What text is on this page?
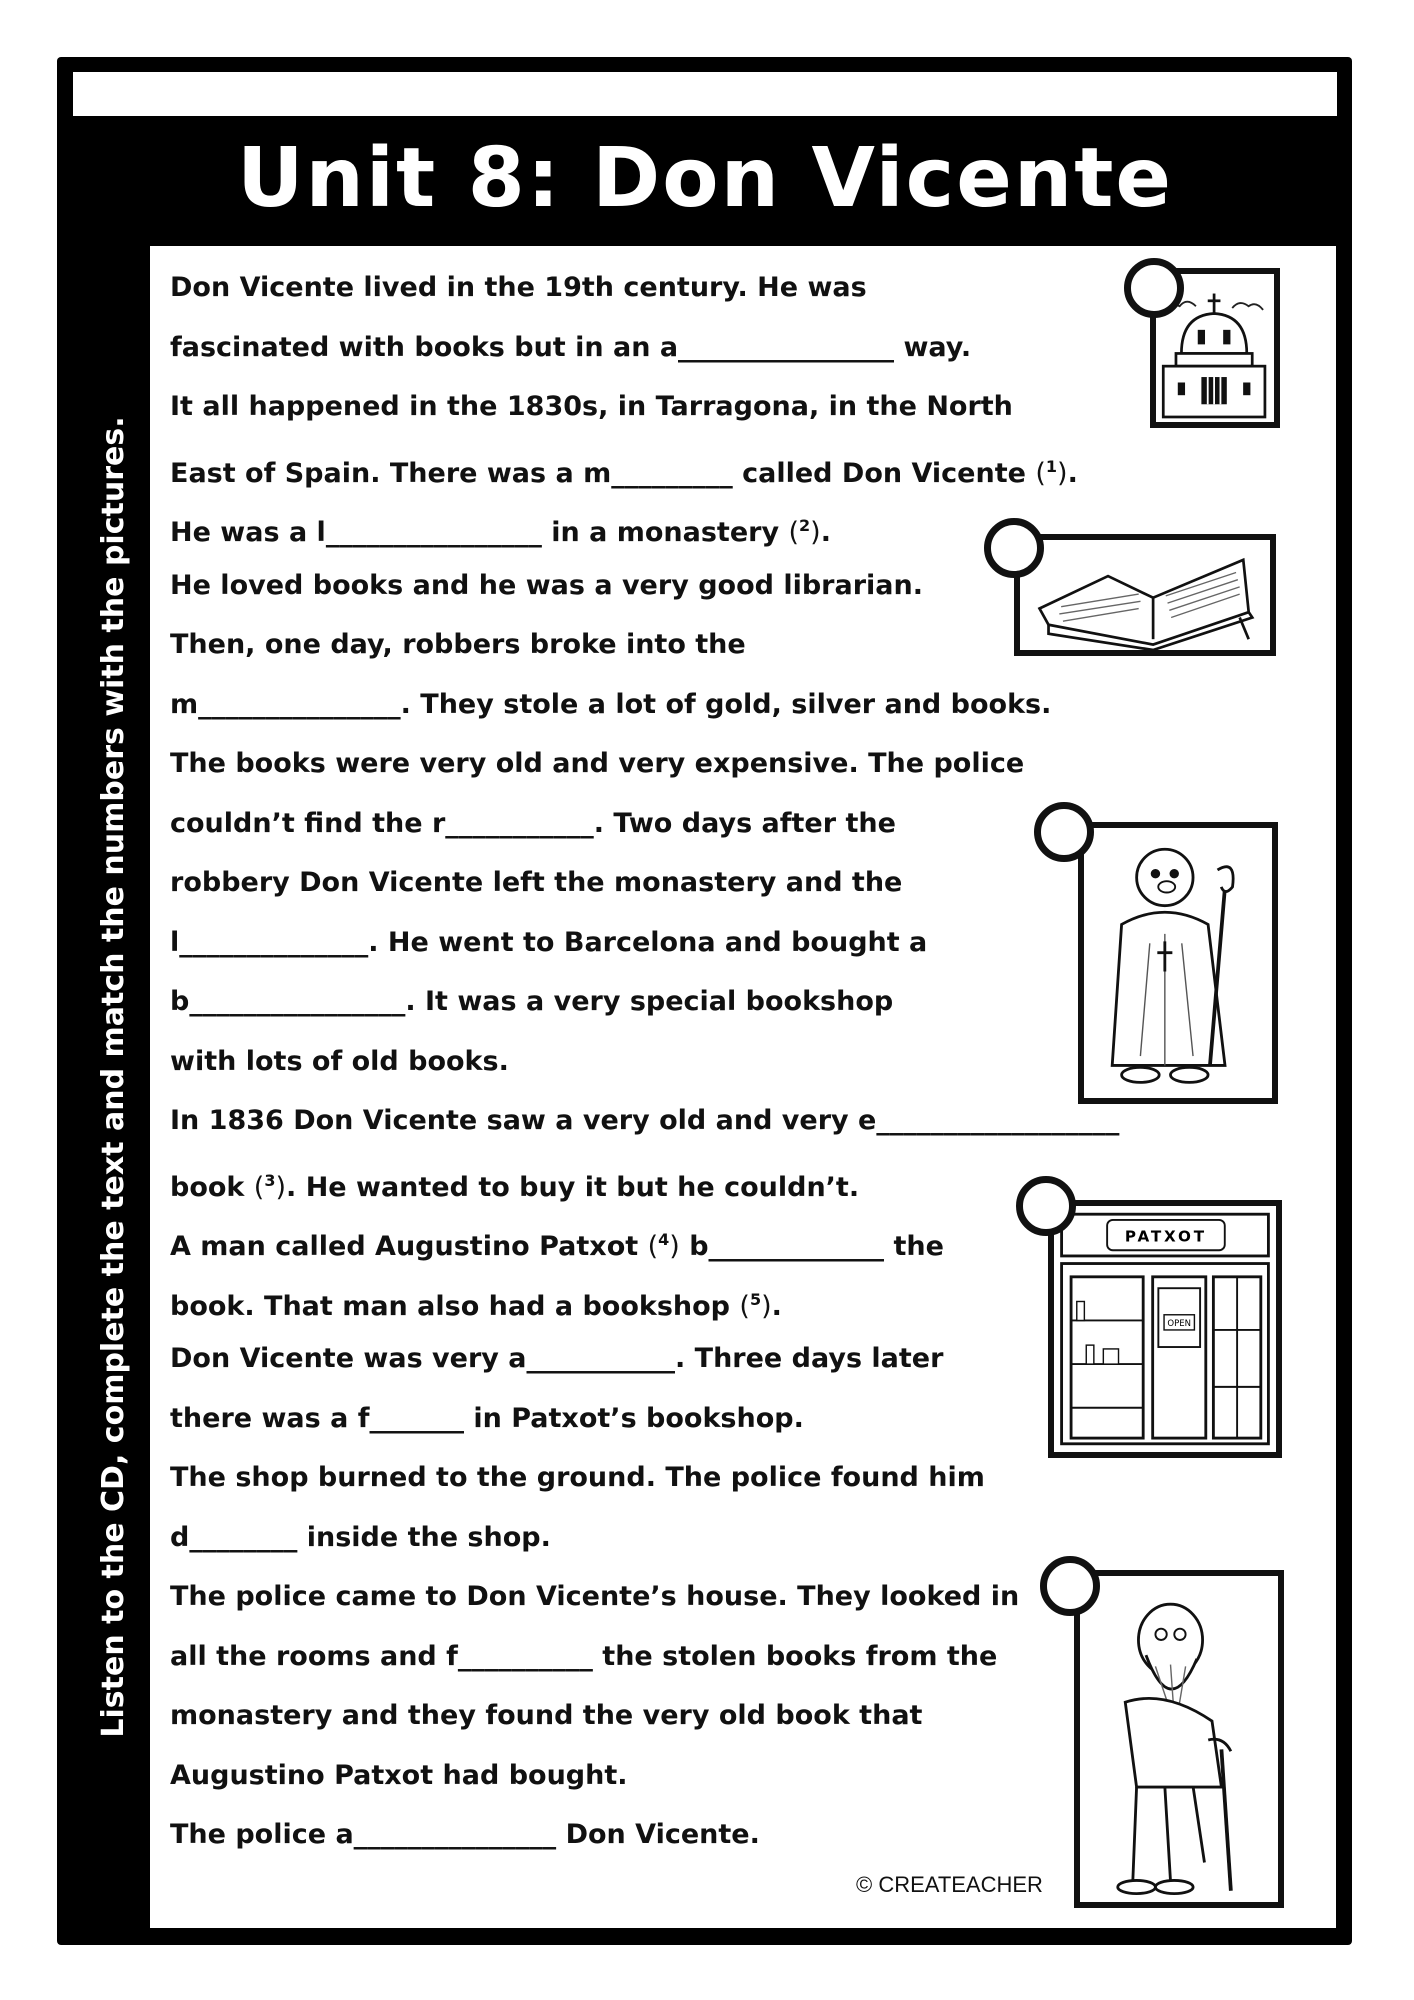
Unit 8: Don Vicente
Listen to the CD, complete the text and match the numbers with the pictures.
Don Vicente lived in the 19th century. He was
fascinated with books but in an a________________ way.
It all happened in the 1830s, in Tarragona, in the North
East of Spain. There was a m_________ called Don Vicente ($^1$).
He was a l________________ in a monastery ($^2$).
He loved books and he was a very good librarian.
Then, one day, robbers broke into the
m_______________. They stole a lot of gold, silver and books.
The books were very old and very expensive. The police
couldn’t find the r___________. Two days after the
robbery Don Vicente left the monastery and the
l______________. He went to Barcelona and bought a
b________________. It was a very special bookshop
with lots of old books.
In 1836 Don Vicente saw a very old and very e__________________
book ($^3$). He wanted to buy it but he couldn’t.
A man called Augustino Patxot ($^4$) b_____________ the
book. That man also had a bookshop ($^5$).
Don Vicente was very a___________. Three days later
there was a f_______ in Patxot’s bookshop.
The shop burned to the ground. The police found him
d________ inside the shop.
The police came to Don Vicente’s house. They looked in
all the rooms and f__________ the stolen books from the
monastery and they found the very old book that
Augustino Patxot had bought.
The police a_______________ Don Vicente.
PATXOT
OPEN
© CREATEACHER
